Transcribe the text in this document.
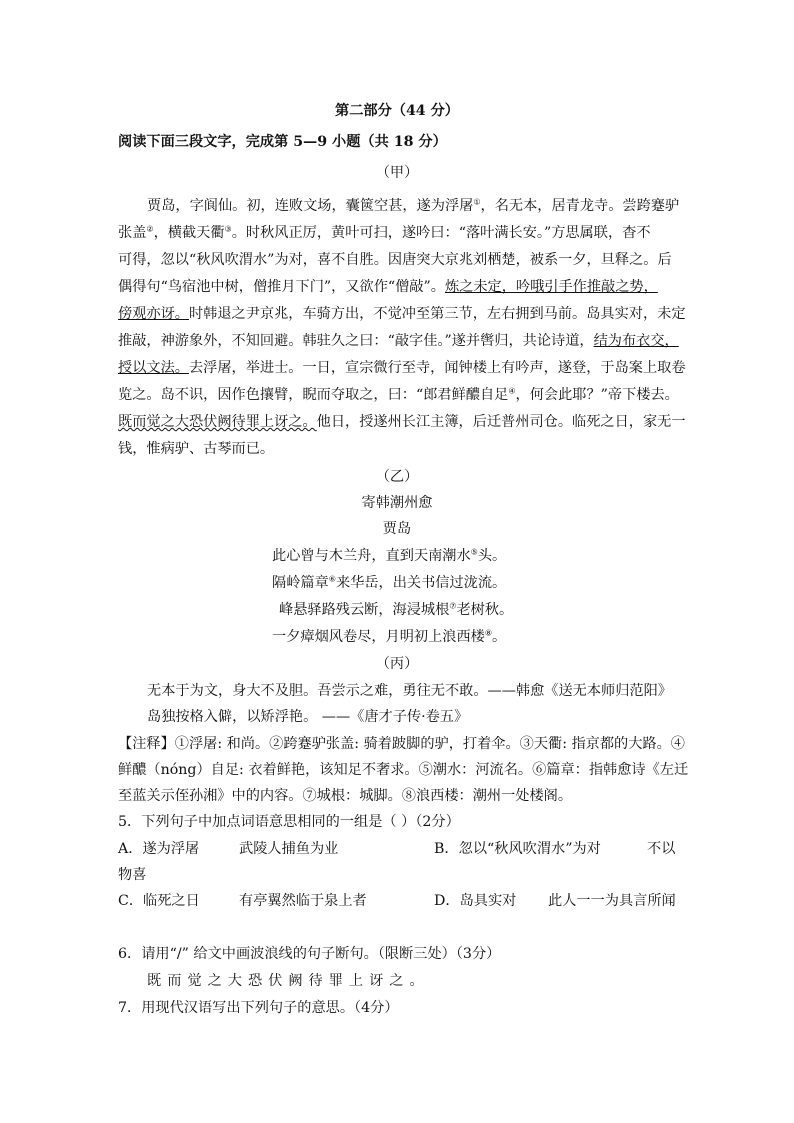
第二部分（44 分）
阅读下面三段文字，完成第 5—9 小题（共 18 分）
（甲）
贾岛，字阆仙。初，连败文场，囊篋空甚，遂为浮屠①，名无本，居青龙寺。尝跨蹇驴
张盖②，横截天衢③。时秋风正厉，黄叶可扫，遂吟曰：“落叶满长安。”方思属联，杳不
可得，忽以“秋风吹渭水”为对，喜不自胜。因唐突大京兆刘栖楚，被系一夕，旦释之。后
偶得句“鸟宿池中树，僧推月下门”，又欲作“僧敲”。炼之未定，吟哦引手作推敲之势，
傍观亦讶。时韩退之尹京兆，车骑方出，不觉冲至第三节，左右拥到马前。岛具实对，未定
推敲，神游象外，不知回避。韩驻久之曰：“敲字佳。”遂并辔归，共论诗道，结为布衣交，
授以文法。去浮屠，举进士。一日，宣宗微行至寺，闻钟楼上有吟声，遂登，于岛案上取卷
览之。岛不识，因作色攘臂，睨而夺取之，曰：“郎君鲜醲自足④，何会此耶？”帝下楼去。
既而觉之大恐伏阙待罪上讶之。他日，授遂州长江主簿，后迁普州司仓。临死之日，家无一
钱，惟病驴、古琴而已。
（乙）
寄韩潮州愈
贾岛
此心曾与木兰舟，直到天南潮水⑤头。
隔岭篇章⑥来华岳，出关书信过泷流。
峰悬驿路残云断，海浸城根⑦老树秋。
一夕瘴烟风卷尽，月明初上浪西楼⑧。
（丙）
无本于为文，身大不及胆。吾尝示之难，勇往无不敢。——韩愈《送无本师归范阳》
岛独按格入僻，以矫浮艳。 ——《唐才子传·卷五》
【注释】①浮屠: 和尚。②跨蹇驴张盖: 骑着跛脚的驴，打着伞。③天衢: 指京都的大路。④
鲜醲（nóng）自足: 衣着鲜艳，该知足不奢求。⑤潮水：河流名。⑥篇章：指韩愈诗《左迁
至蓝关示侄孙湘》中的内容。⑦城根：城脚。⑧浪西楼：潮州一处楼阁。
5．下列句子中加点词语意思相同的一组是（ ）（2分）
A．遂为浮屠	武陵人捕鱼为业	B．忽以“秋风吹渭水”为对	不以
物喜
C．临死之日	有亭翼然临于泉上者	D．岛具实对 此人一一为具言所闻
6．请用“/” 给文中画波浪线的句子断句。（限断三处）（3分）
既而觉之大恐伏阙待罪上讶之。
7．用现代汉语写出下列句子的意思。（4分）
